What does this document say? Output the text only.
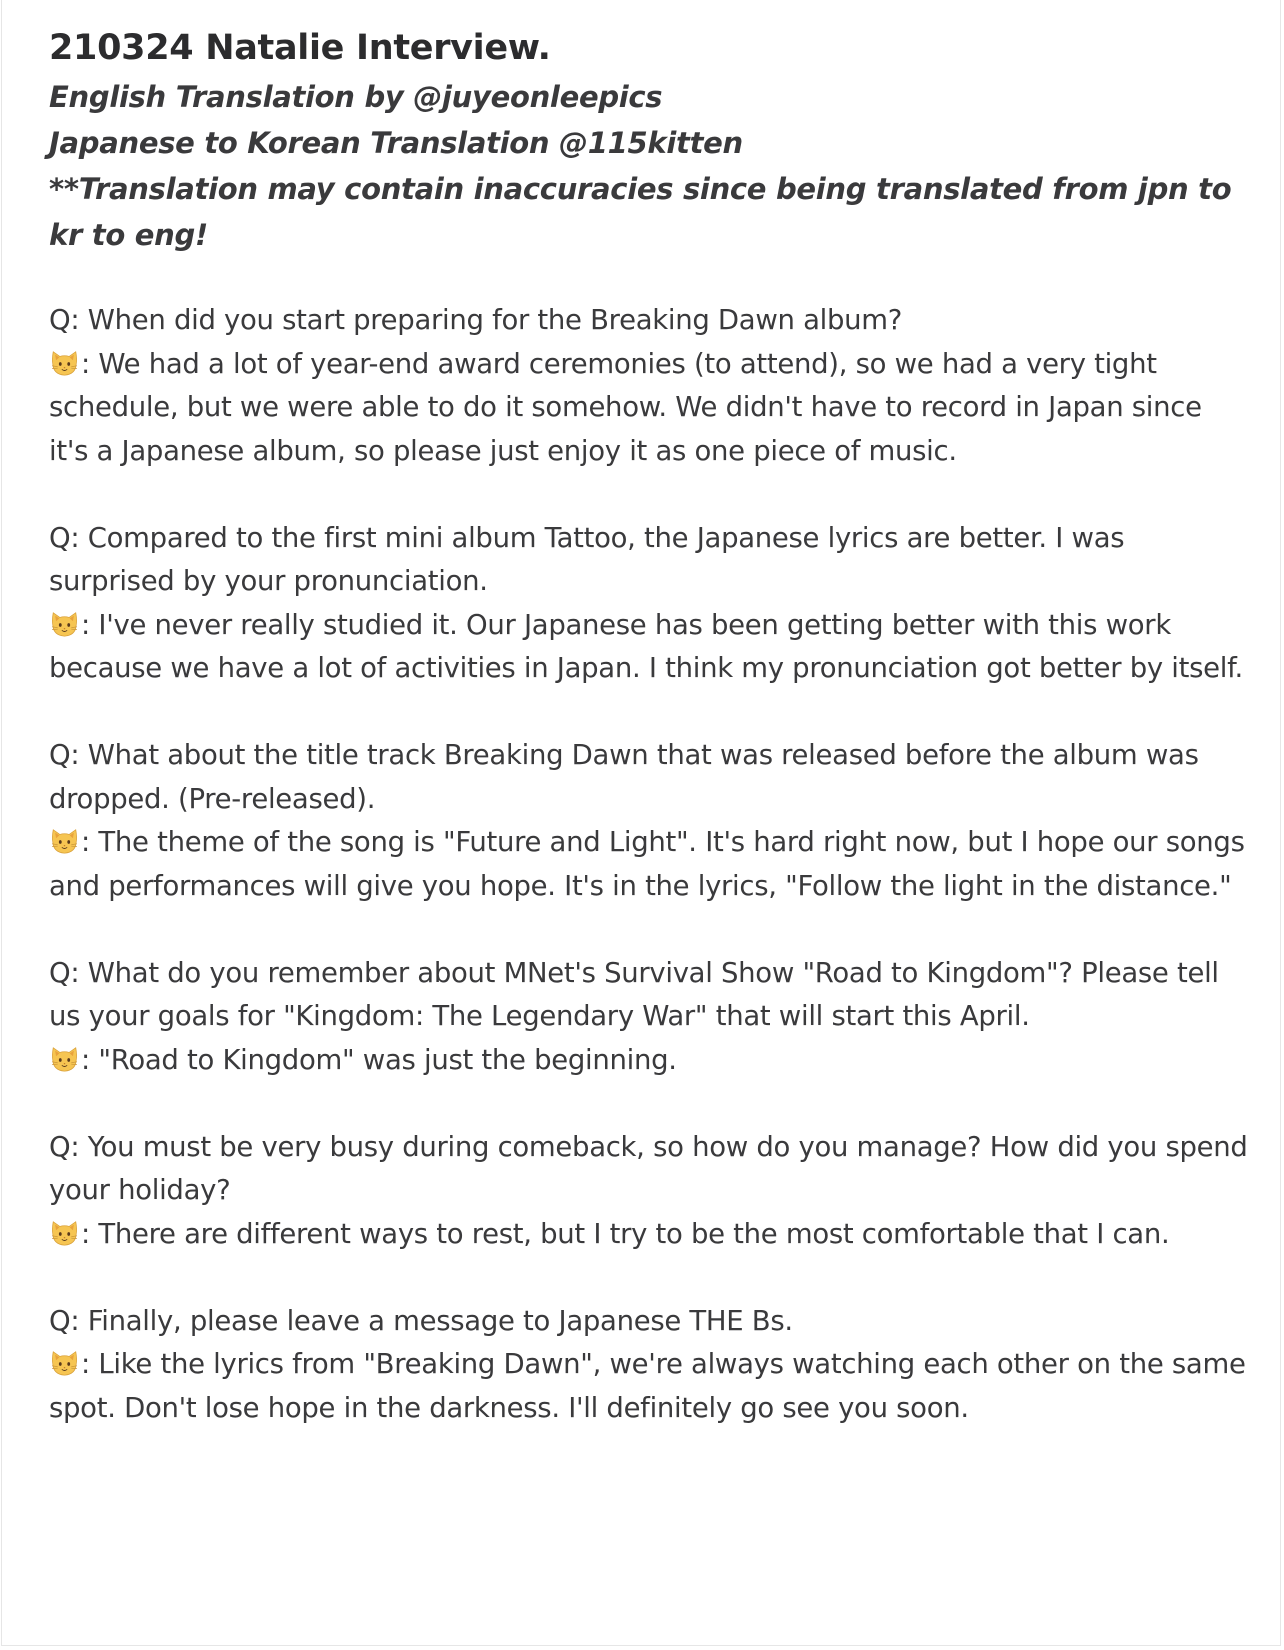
210324 Natalie Interview.

English Translation by @juyeonleepics

Japanese to Korean Translation @115kitten

**Translation may contain inaccuracies since being translated from jpn to kr to eng!

Q: When did you start preparing for the Breaking Dawn album?

: We had a lot of year-end award ceremonies (to attend), so we had a very tight schedule, but we were able to do it somehow. We didn't have to record in Japan since it's a Japanese album, so please just enjoy it as one piece of music.

Q: Compared to the first mini album Tattoo, the Japanese lyrics are better. I was surprised by your pronunciation.

: I've never really studied it. Our Japanese has been getting better with this work because we have a lot of activities in Japan. I think my pronunciation got better by itself.

Q: What about the title track Breaking Dawn that was released before the album was dropped. (Pre-released).

: The theme of the song is "Future and Light". It's hard right now, but I hope our songs and performances will give you hope. It's in the lyrics, "Follow the light in the distance."

Q: What do you remember about MNet's Survival Show "Road to Kingdom"? Please tell us your goals for "Kingdom: The Legendary War" that will start this April.

: "Road to Kingdom" was just the beginning.

Q: You must be very busy during comeback, so how do you manage? How did you spend your holiday?

: There are different ways to rest, but I try to be the most comfortable that I can.

Q: Finally, please leave a message to Japanese THE Bs.

: Like the lyrics from "Breaking Dawn", we're always watching each other on the same spot. Don't lose hope in the darkness. I'll definitely go see you soon.
